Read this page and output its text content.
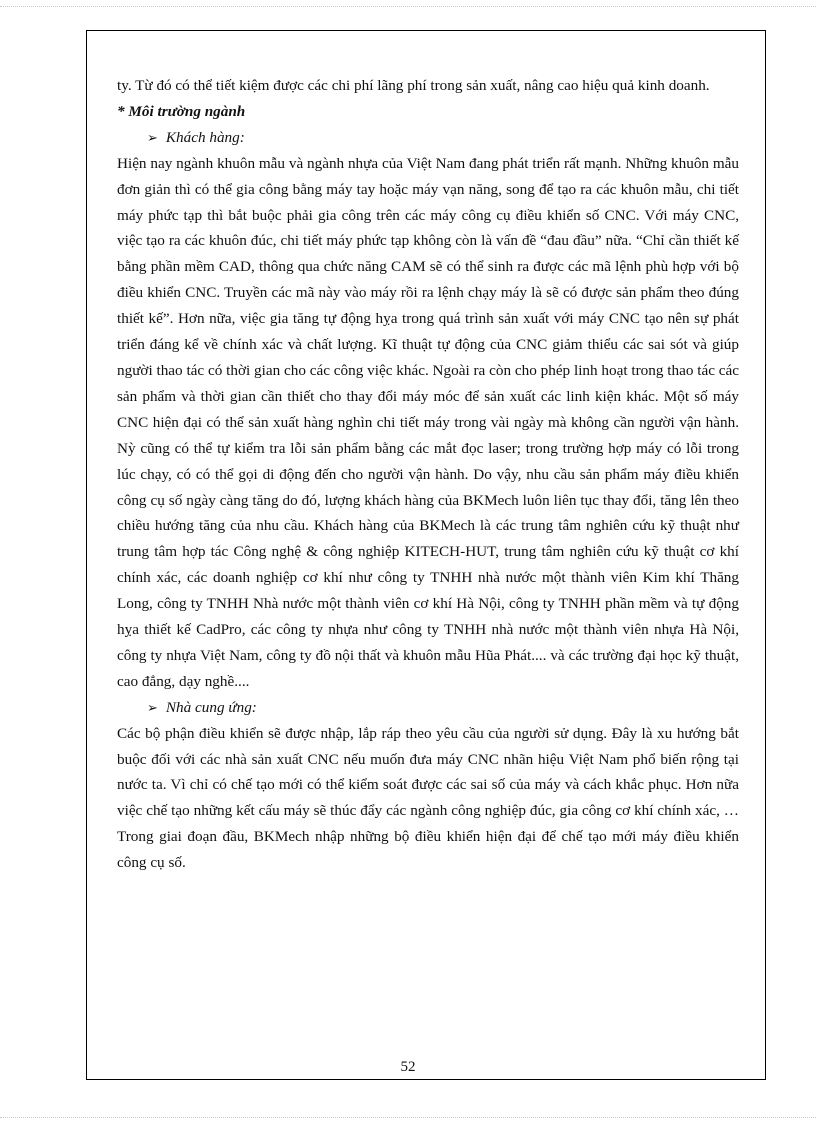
ty. Từ đó có thể tiết kiệm được các chi phí lãng phí trong sản xuất, nâng cao hiệu quả kinh doanh.

* Môi trường ngành

➢ Khách hàng:

Hiện nay ngành khuôn mẫu và ngành nhựa của Việt Nam đang phát triển rất mạnh. Những khuôn mẫu đơn giản thì có thể gia công bằng máy tay hoặc máy vạn năng, song để tạo ra các khuôn mẫu, chi tiết máy phức tạp thì bắt buộc phải gia công trên các máy công cụ điều khiển số CNC. Với máy CNC, việc tạo ra các khuôn đúc, chi tiết máy phức tạp không còn là vấn đề “đau đầu” nữa. “Chỉ cần thiết kế bằng phần mềm CAD, thông qua chức năng CAM sẽ có thể sinh ra được các mã lệnh phù hợp với bộ điều khiển CNC. Truyền các mã này vào máy rồi ra lệnh chạy máy là sẽ có được sản phẩm theo đúng thiết kế”. Hơn nữa, việc gia tăng tự động hỵa trong quá trình sản xuất với máy CNC tạo nên sự phát triển đáng kể về chính xác và chất lượng. Kĩ thuật tự động của CNC giảm thiểu các sai sót và giúp người thao tác có thời gian cho các công việc khác. Ngoài ra còn cho phép linh hoạt trong thao tác các sản phẩm và thời gian cần thiết cho thay đổi máy móc để sản xuất các linh kiện khác. Một số máy CNC hiện đại có thể sản xuất hàng nghìn chi tiết máy trong vài ngày mà không cần người vận hành. Nỳ cũng có thể tự kiểm tra lỗi sản phẩm bằng các mắt đọc laser; trong trường hợp máy có lỗi trong lúc chạy, có có thể gọi di động đến cho người vận hành. Do vậy, nhu cầu sản phẩm máy điều khiển công cụ số ngày càng tăng do đó, lượng khách hàng của BKMech luôn liên tục thay đổi, tăng lên theo chiều hướng tăng của nhu cầu. Khách hàng của BKMech là các trung tâm nghiên cứu kỹ thuật như trung tâm hợp tác Công nghệ & công nghiệp KITECH-HUT, trung tâm nghiên cứu kỹ thuật cơ khí chính xác, các doanh nghiệp cơ khí như công ty TNHH nhà nước một thành viên Kim khí Thăng Long, công ty TNHH Nhà nước một thành viên cơ khí Hà Nội, công ty TNHH phần mềm và tự động hỵa thiết kế CadPro, các công ty nhựa như công ty TNHH nhà nước một thành viên nhựa Hà Nội, công ty nhựa Việt Nam, công ty đồ nội thất và khuôn mẫu Hũa Phát.... và các trường đại học kỹ thuật, cao đẳng, dạy nghề....

➢ Nhà cung ứng:

Các bộ phận điều khiển sẽ được nhập, lắp ráp theo yêu cầu của người sử dụng. Đây là xu hướng bắt buộc đối với các nhà sản xuất CNC nếu muốn đưa máy CNC nhãn hiệu Việt Nam phổ biến rộng tại nước ta. Vì chỉ có chế tạo mới có thể kiểm soát được các sai số của máy và cách khắc phục. Hơn nữa việc chế tạo những kết cấu máy sẽ thúc đẩy các ngành công nghiệp đúc, gia công cơ khí chính xác, … Trong giai đoạn đầu, BKMech nhập những bộ điều khiển hiện đại để chế tạo mới máy điều khiển công cụ số.

52
